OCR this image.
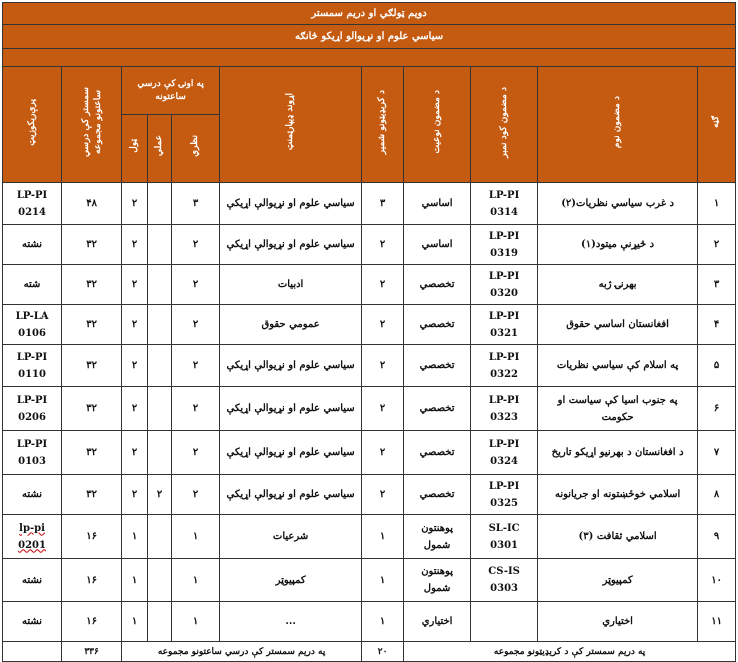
دویم ټولګي او دریم سمستر										
سیاسي علوم او نړیوالو اړیکو څانګه										

ګڼه	د مضمون نوم	د مضمون کود نمبر	د مضمون نوعیت	د کریډیټونو شمیر	اړوند ډیپارټمنټ	په اونۍ کې درسي ساعتونه			سمستر کې درسي ساعتونو مجموعه	پرې‌ریکوزیټ
						نظري	عملي	ټول		
۱	د غرب سیاسي نظریات(۲)	LP-PI 0314	اساسي	۳	سیاسي علوم او نړیوالې اړیکې	۳		۲	۴۸	LP-PI 0214
۲	د څیړنې میتود(۱)	LP-PI 0319	اساسي	۲	سیاسي علوم او نړیوالې اړیکې	۲		۲	۳۲	نشته
۳	بهرنۍ ژبه	LP-PI 0320	تخصصي	۲	ادبیات	۲		۲	۳۲	شته
۴	افغانستان اساسي حقوق	LP-PI 0321	تخصصي	۲	عمومي حقوق	۲		۲	۳۲	LP-LA 0106
۵	په اسلام کې سیاسي نظریات	LP-PI 0322	تخصصي	۲	سیاسي علوم او نړیوالې اړیکې	۲		۲	۳۲	LP-PI 0110
۶	په جنوب اسیا کې سیاست او حکومت	LP-PI 0323	تخصصي	۲	سیاسي علوم او نړیوالې اړیکې	۲		۲	۳۲	LP-PI 0206
۷	د افغانستان د بهرنیو اړیکو تاریخ	LP-PI 0324	تخصصي	۲	سیاسي علوم او نړیوالې اړیکې	۲		۲	۳۲	LP-PI 0103
۸	اسلامي خوځښتونه او جریانونه	LP-PI 0325	تخصصي	۲	سیاسي علوم او نړیوالې اړیکې	۲	۲	۲	۳۲	نشته
۹	اسلامي ثقافت (۳)	SL-IC 0301	پوهنتون شمول	۱	شرعیات	۱		۱	۱۶	lp-pi 0201
۱۰	کمپیوټر	CS-IS 0303	پوهنتون شمول	۱	کمپیوټر	۱		۱	۱۶	نشته
۱۱	اختیاري		اختیاري	۱	...	۱		۱	۱۶	نشته
په دریم سمستر کې د کریډیټونو مجموعه				۲۰	په دریم سمستر کې درسي ساعتونو مجموعه				۳۳۶	
